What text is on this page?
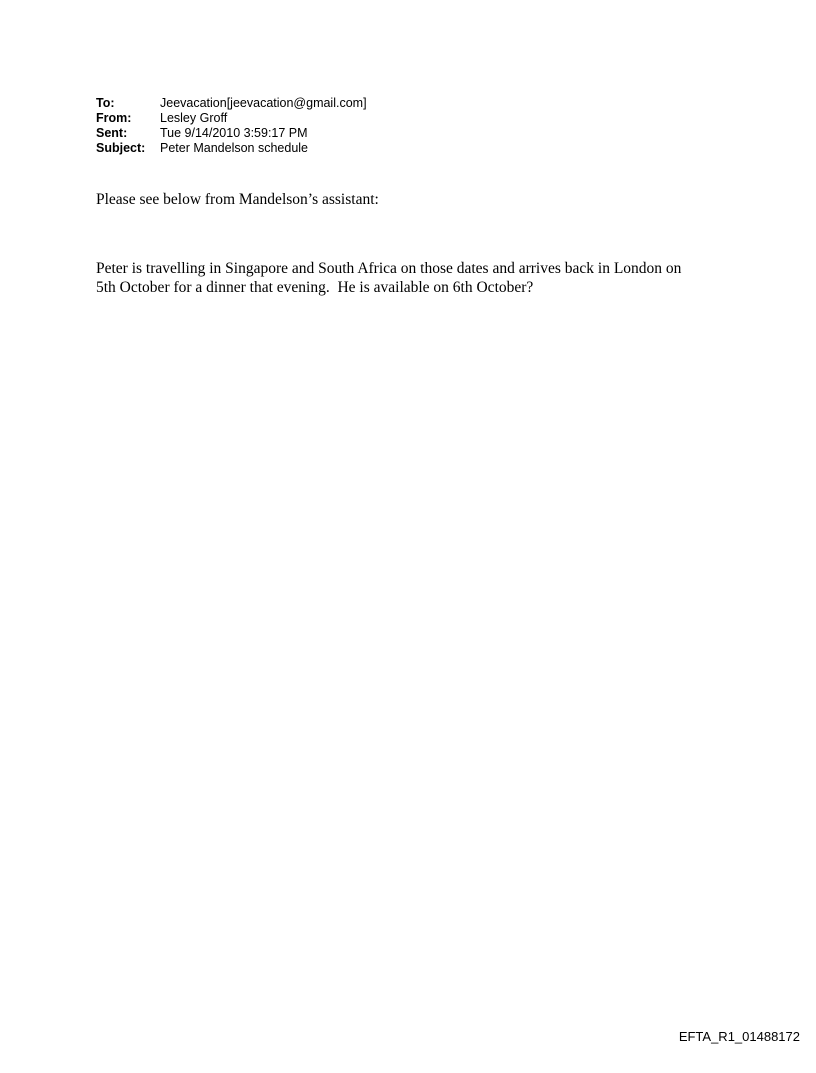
To:	Jeevacation[jeevacation@gmail.com]
From:	Lesley Groff
Sent:	Tue 9/14/2010 3:59:17 PM
Subject:	Peter Mandelson schedule

Please see below from Mandelson’s assistant:

Peter is travelling in Singapore and South Africa on those dates and arrives back in London on

5th October for a dinner that evening.  He is available on 6th October?

EFTA_R1_01488172
